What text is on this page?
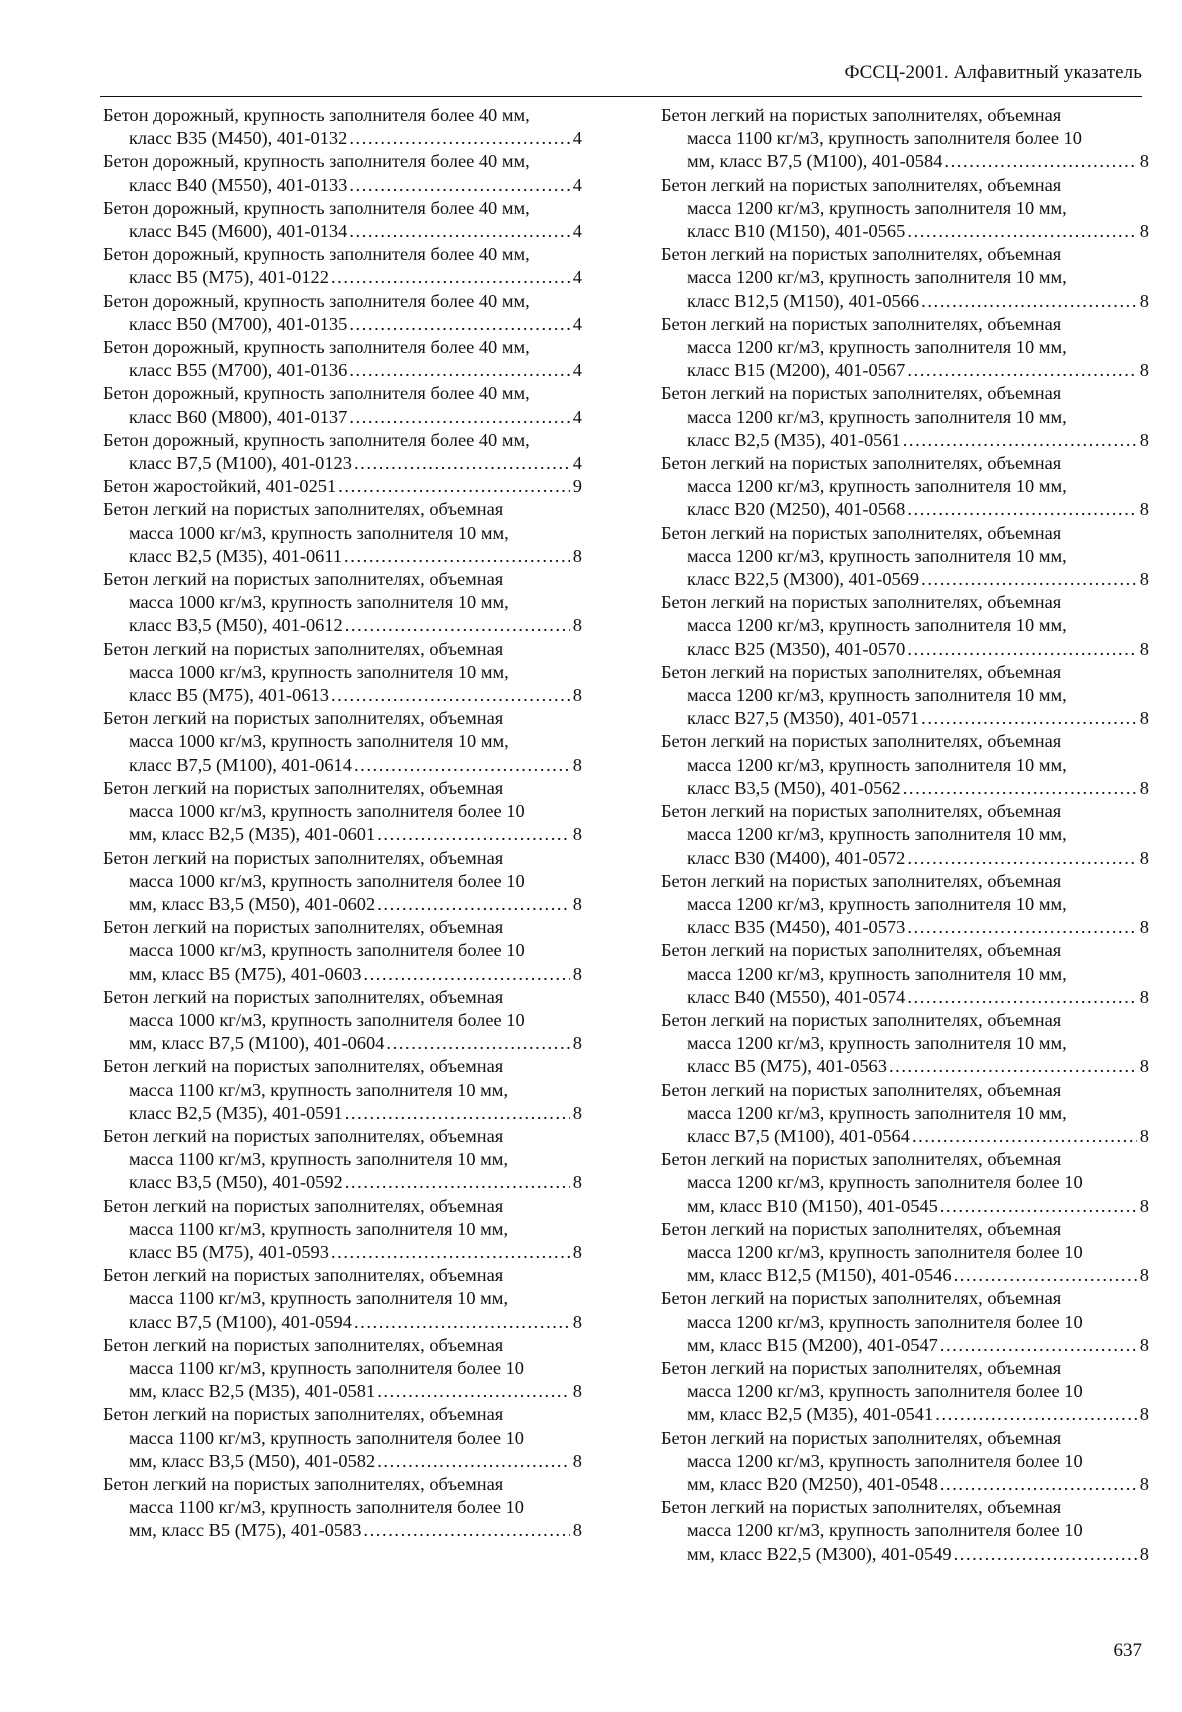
ФССЦ-2001. Алфавитный указатель
Бетон дорожный, крупность заполнителя более 40 мм,
класс В35 (М450), 401-0132 .....	4
Бетон дорожный, крупность заполнителя более 40 мм,
класс В40 (М550), 401-0133 .....	4
Бетон дорожный, крупность заполнителя более 40 мм,
класс В45 (М600), 401-0134 .....	4
Бетон дорожный, крупность заполнителя более 40 мм,
класс В5 (М75), 401-0122 .....	4
Бетон дорожный, крупность заполнителя более 40 мм,
класс В50 (М700), 401-0135 .....	4
Бетон дорожный, крупность заполнителя более 40 мм,
класс В55 (М700), 401-0136 .....	4
Бетон дорожный, крупность заполнителя более 40 мм,
класс В60 (М800), 401-0137 .....	4
Бетон дорожный, крупность заполнителя более 40 мм,
класс В7,5 (М100), 401-0123 .....	4
Бетон жаростойкий, 401-0251 .....	9
Бетон легкий на пористых заполнителях, объемная
масса 1000 кг/м3, крупность заполнителя 10 мм,
класс В2,5 (М35), 401-0611 .....	8
Бетон легкий на пористых заполнителях, объемная
масса 1000 кг/м3, крупность заполнителя 10 мм,
класс В3,5 (М50), 401-0612 .....	8
Бетон легкий на пористых заполнителях, объемная
масса 1000 кг/м3, крупность заполнителя 10 мм,
класс В5 (М75), 401-0613 .....	8
Бетон легкий на пористых заполнителях, объемная
масса 1000 кг/м3, крупность заполнителя 10 мм,
класс В7,5 (М100), 401-0614 .....	8
Бетон легкий на пористых заполнителях, объемная
масса 1000 кг/м3, крупность заполнителя более 10
мм, класс В2,5 (М35), 401-0601 .....	8
Бетон легкий на пористых заполнителях, объемная
масса 1000 кг/м3, крупность заполнителя более 10
мм, класс В3,5 (М50), 401-0602 .....	8
Бетон легкий на пористых заполнителях, объемная
масса 1000 кг/м3, крупность заполнителя более 10
мм, класс В5 (М75), 401-0603 .....	8
Бетон легкий на пористых заполнителях, объемная
масса 1000 кг/м3, крупность заполнителя более 10
мм, класс В7,5 (М100), 401-0604 .....	8
Бетон легкий на пористых заполнителях, объемная
масса 1100 кг/м3, крупность заполнителя 10 мм,
класс В2,5 (М35), 401-0591 .....	8
Бетон легкий на пористых заполнителях, объемная
масса 1100 кг/м3, крупность заполнителя 10 мм,
класс В3,5 (М50), 401-0592 .....	8
Бетон легкий на пористых заполнителях, объемная
масса 1100 кг/м3, крупность заполнителя 10 мм,
класс В5 (М75), 401-0593 .....	8
Бетон легкий на пористых заполнителях, объемная
масса 1100 кг/м3, крупность заполнителя 10 мм,
класс В7,5 (М100), 401-0594 .....	8
Бетон легкий на пористых заполнителях, объемная
масса 1100 кг/м3, крупность заполнителя более 10
мм, класс В2,5 (М35), 401-0581 .....	8
Бетон легкий на пористых заполнителях, объемная
масса 1100 кг/м3, крупность заполнителя более 10
мм, класс В3,5 (М50), 401-0582 .....	8
Бетон легкий на пористых заполнителях, объемная
масса 1100 кг/м3, крупность заполнителя более 10
мм, класс В5 (М75), 401-0583 .....	8
Бетон легкий на пористых заполнителях, объемная
масса 1100 кг/м3, крупность заполнителя более 10
мм, класс В7,5 (М100), 401-0584 .....	8
Бетон легкий на пористых заполнителях, объемная
масса 1200 кг/м3, крупность заполнителя 10 мм,
класс В10 (М150), 401-0565 .....	8
Бетон легкий на пористых заполнителях, объемная
масса 1200 кг/м3, крупность заполнителя 10 мм,
класс В12,5 (М150), 401-0566 .....	8
Бетон легкий на пористых заполнителях, объемная
масса 1200 кг/м3, крупность заполнителя 10 мм,
класс В15 (М200), 401-0567 .....	8
Бетон легкий на пористых заполнителях, объемная
масса 1200 кг/м3, крупность заполнителя 10 мм,
класс В2,5 (М35), 401-0561 .....	8
Бетон легкий на пористых заполнителях, объемная
масса 1200 кг/м3, крупность заполнителя 10 мм,
класс В20 (М250), 401-0568 .....	8
Бетон легкий на пористых заполнителях, объемная
масса 1200 кг/м3, крупность заполнителя 10 мм,
класс В22,5 (М300), 401-0569 .....	8
Бетон легкий на пористых заполнителях, объемная
масса 1200 кг/м3, крупность заполнителя 10 мм,
класс В25 (М350), 401-0570 .....	8
Бетон легкий на пористых заполнителях, объемная
масса 1200 кг/м3, крупность заполнителя 10 мм,
класс В27,5 (М350), 401-0571 .....	8
Бетон легкий на пористых заполнителях, объемная
масса 1200 кг/м3, крупность заполнителя 10 мм,
класс В3,5 (М50), 401-0562 .....	8
Бетон легкий на пористых заполнителях, объемная
масса 1200 кг/м3, крупность заполнителя 10 мм,
класс В30 (М400), 401-0572 .....	8
Бетон легкий на пористых заполнителях, объемная
масса 1200 кг/м3, крупность заполнителя 10 мм,
класс В35 (М450), 401-0573 .....	8
Бетон легкий на пористых заполнителях, объемная
масса 1200 кг/м3, крупность заполнителя 10 мм,
класс В40 (М550), 401-0574 .....	8
Бетон легкий на пористых заполнителях, объемная
масса 1200 кг/м3, крупность заполнителя 10 мм,
класс В5 (М75), 401-0563 .....	8
Бетон легкий на пористых заполнителях, объемная
масса 1200 кг/м3, крупность заполнителя 10 мм,
класс В7,5 (М100), 401-0564 .....	8
Бетон легкий на пористых заполнителях, объемная
масса 1200 кг/м3, крупность заполнителя более 10
мм, класс В10 (М150), 401-0545 .....	8
Бетон легкий на пористых заполнителях, объемная
масса 1200 кг/м3, крупность заполнителя более 10
мм, класс В12,5 (М150), 401-0546 .....	8
Бетон легкий на пористых заполнителях, объемная
масса 1200 кг/м3, крупность заполнителя более 10
мм, класс В15 (М200), 401-0547 .....	8
Бетон легкий на пористых заполнителях, объемная
масса 1200 кг/м3, крупность заполнителя более 10
мм, класс В2,5 (М35), 401-0541 .....	8
Бетон легкий на пористых заполнителях, объемная
масса 1200 кг/м3, крупность заполнителя более 10
мм, класс В20 (М250), 401-0548 .....	8
Бетон легкий на пористых заполнителях, объемная
масса 1200 кг/м3, крупность заполнителя более 10
мм, класс В22,5 (М300), 401-0549 .....	8
637
